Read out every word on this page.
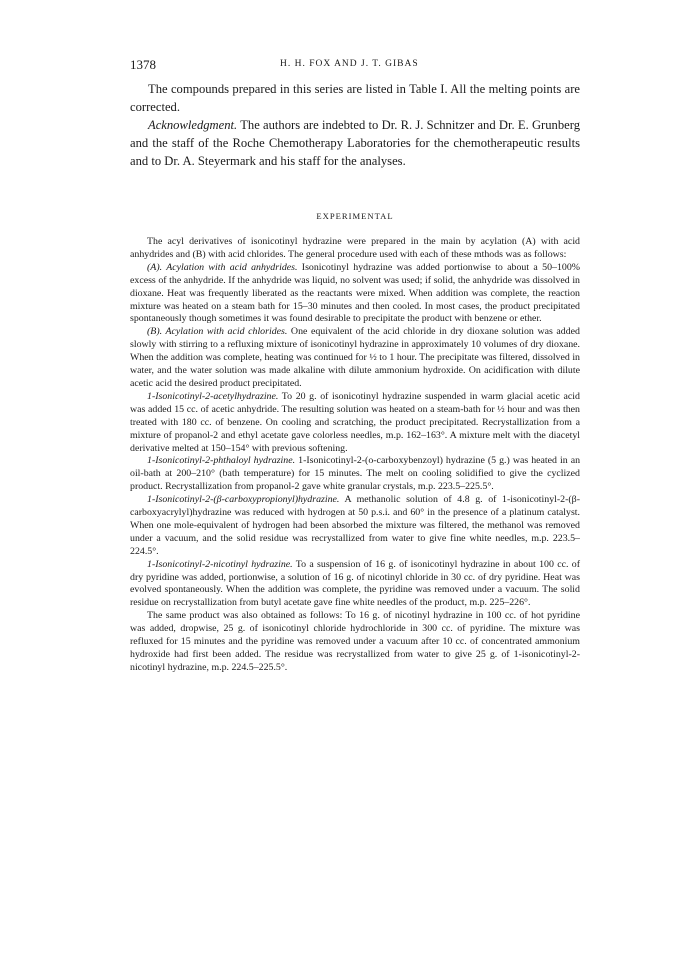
1378	H. H. FOX AND J. T. GIBAS

The compounds prepared in this series are listed in Table I. All the melting points are corrected.

Acknowledgment. The authors are indebted to Dr. R. J. Schnitzer and Dr. E. Grunberg and the staff of the Roche Chemotherapy Laboratories for the chemotherapeutic results and to Dr. A. Steyermark and his staff for the analyses.

EXPERIMENTAL

The acyl derivatives of isonicotinyl hydrazine were prepared in the main by acylation (A) with acid anhydrides and (B) with acid chlorides. The general procedure used with each of these mthods was as follows:

(A). Acylation with acid anhydrides. Isonicotinyl hydrazine was added portionwise to about a 50–100% excess of the anhydride. If the anhydride was liquid, no solvent was used; if solid, the anhydride was dissolved in dioxane. Heat was frequently liberated as the reactants were mixed. When addition was complete, the reaction mixture was heated on a steam bath for 15–30 minutes and then cooled. In most cases, the product precipitated spontaneously though sometimes it was found desirable to precipitate the product with benzene or ether.

(B). Acylation with acid chlorides. One equivalent of the acid chloride in dry dioxane solution was added slowly with stirring to a refluxing mixture of isonicotinyl hydrazine in approximately 10 volumes of dry dioxane. When the addition was complete, heating was continued for ½ to 1 hour. The precipitate was filtered, dissolved in water, and the water solution was made alkaline with dilute ammonium hydroxide. On acidification with dilute acetic acid the desired product precipitated.

1-Isonicotinyl-2-acetylhydrazine. To 20 g. of isonicotinyl hydrazine suspended in warm glacial acetic acid was added 15 cc. of acetic anhydride. The resulting solution was heated on a steam-bath for ½ hour and was then treated with 180 cc. of benzene. On cooling and scratching, the product precipitated. Recrystallization from a mixture of propanol-2 and ethyl acetate gave colorless needles, m.p. 162–163°. A mixture melt with the diacetyl derivative melted at 150–154° with previous softening.

1-Isonicotinyl-2-phthaloyl hydrazine. 1-Isonicotinyl-2-(o-carboxybenzoyl) hydrazine (5 g.) was heated in an oil-bath at 200–210° (bath temperature) for 15 minutes. The melt on cooling solidified to give the cyclized product. Recrystallization from propanol-2 gave white granular crystals, m.p. 223.5–225.5°.

1-Isonicotinyl-2-(β-carboxypropionyl)hydrazine. A methanolic solution of 4.8 g. of 1-isonicotinyl-2-(β-carboxyacrylyl)hydrazine was reduced with hydrogen at 50 p.s.i. and 60° in the presence of a platinum catalyst. When one mole-equivalent of hydrogen had been absorbed the mixture was filtered, the methanol was removed under a vacuum, and the solid residue was recrystallized from water to give fine white needles, m.p. 223.5–224.5°.

1-Isonicotinyl-2-nicotinyl hydrazine. To a suspension of 16 g. of isonicotinyl hydrazine in about 100 cc. of dry pyridine was added, portionwise, a solution of 16 g. of nicotinyl chloride in 30 cc. of dry pyridine. Heat was evolved spontaneously. When the addition was complete, the pyridine was removed under a vacuum. The solid residue on recrystallization from butyl acetate gave fine white needles of the product, m.p. 225–226°.

The same product was also obtained as follows: To 16 g. of nicotinyl hydrazine in 100 cc. of hot pyridine was added, dropwise, 25 g. of isonicotinyl chloride hydrochloride in 300 cc. of pyridine. The mixture was refluxed for 15 minutes and the pyridine was removed under a vacuum after 10 cc. of concentrated ammonium hydroxide had first been added. The residue was recrystallized from water to give 25 g. of 1-isonicotinyl-2-nicotinyl hydrazine, m.p. 224.5–225.5°.
